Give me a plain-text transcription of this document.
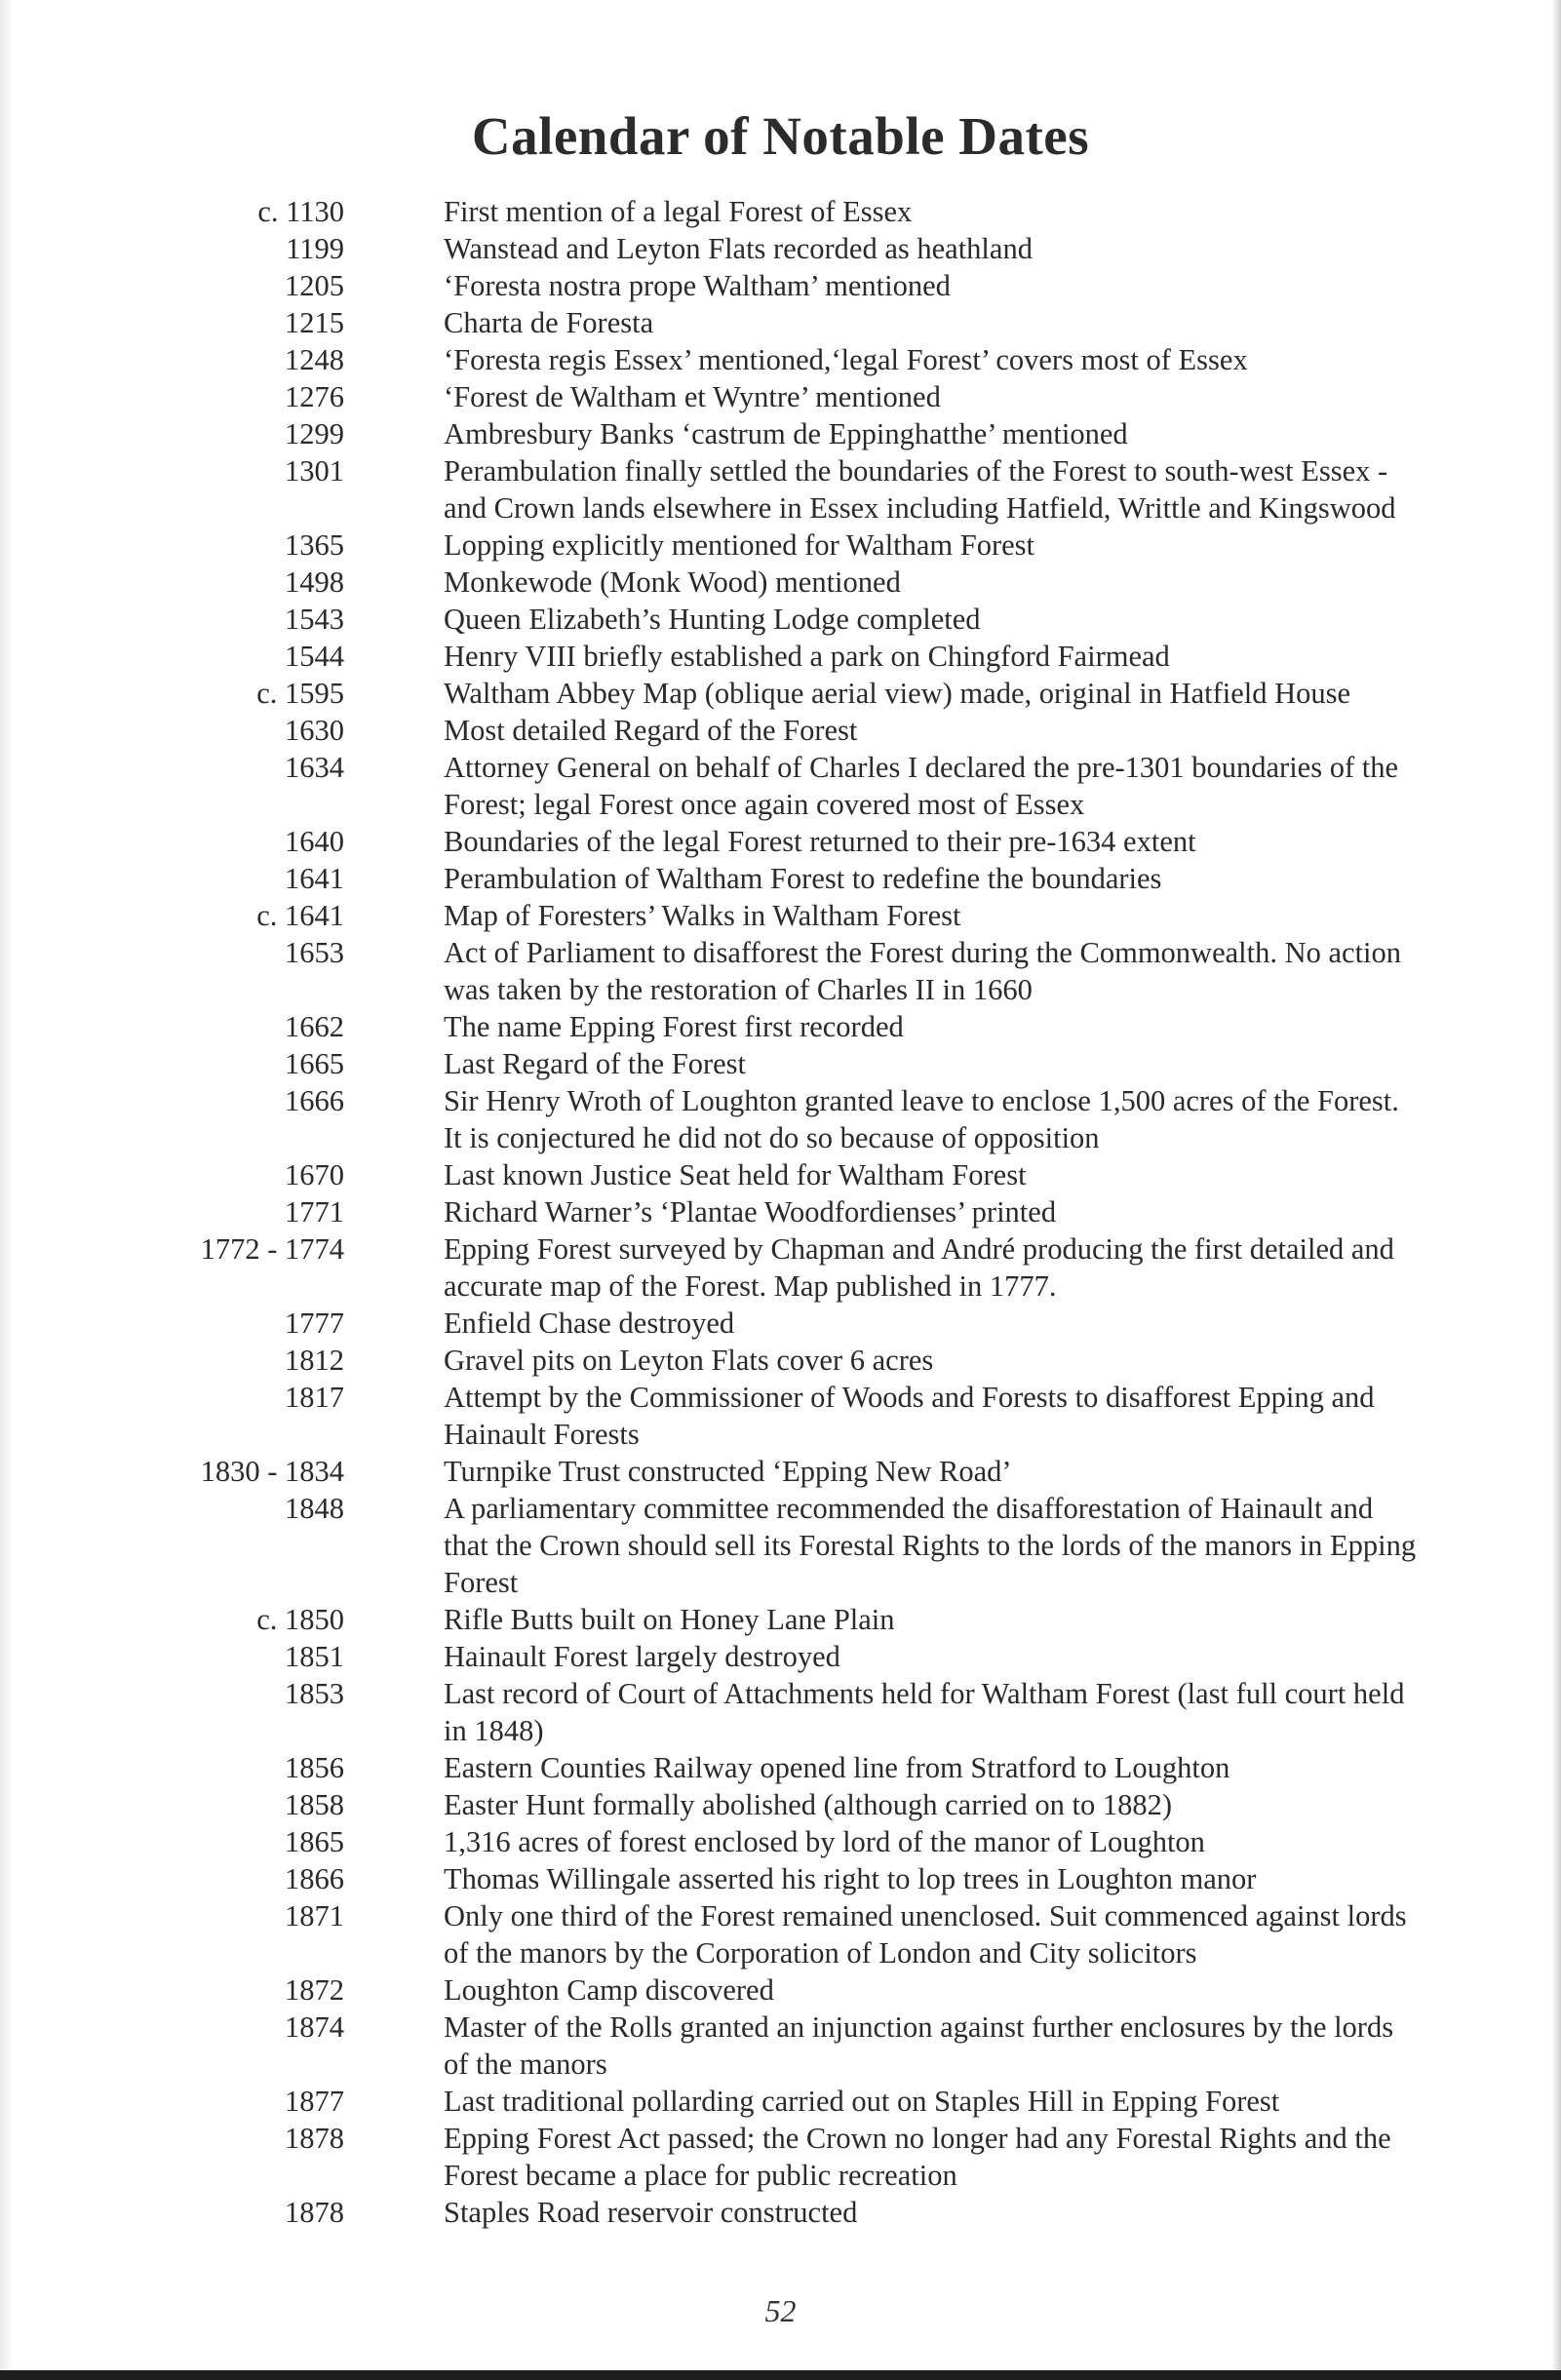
Calendar of Notable Dates
c. 1130	First mention of a legal Forest of Essex
1199	Wanstead and Leyton Flats recorded as heathland
1205	‘Foresta nostra prope Waltham’ mentioned
1215	Charta de Foresta
1248	‘Foresta regis Essex’ mentioned,‘legal Forest’ covers most of Essex
1276	‘Forest de Waltham et Wyntre’ mentioned
1299	Ambresbury Banks ‘castrum de Eppinghatthe’ mentioned
1301	Perambulation finally settled the boundaries of the Forest to south-west Essex -
and Crown lands elsewhere in Essex including Hatfield, Writtle and Kingswood
1365	Lopping explicitly mentioned for Waltham Forest
1498	Monkewode (Monk Wood) mentioned
1543	Queen Elizabeth’s Hunting Lodge completed
1544	Henry VIII briefly established a park on Chingford Fairmead
c. 1595	Waltham Abbey Map (oblique aerial view) made, original in Hatfield House
1630	Most detailed Regard of the Forest
1634	Attorney General on behalf of Charles I declared the pre-1301 boundaries of the
Forest; legal Forest once again covered most of Essex
1640	Boundaries of the legal Forest returned to their pre-1634 extent
1641	Perambulation of Waltham Forest to redefine the boundaries
c. 1641	Map of Foresters’ Walks in Waltham Forest
1653	Act of Parliament to disafforest the Forest during the Commonwealth. No action
was taken by the restoration of Charles II in 1660
1662	The name Epping Forest first recorded
1665	Last Regard of the Forest
1666	Sir Henry Wroth of Loughton granted leave to enclose 1,500 acres of the Forest.
It is conjectured he did not do so because of opposition
1670	Last known Justice Seat held for Waltham Forest
1771	Richard Warner’s ‘Plantae Woodfordienses’ printed
1772 - 1774	Epping Forest surveyed by Chapman and André producing the first detailed and
accurate map of the Forest. Map published in 1777.
1777	Enfield Chase destroyed
1812	Gravel pits on Leyton Flats cover 6 acres
1817	Attempt by the Commissioner of Woods and Forests to disafforest Epping and
Hainault Forests
1830 - 1834	Turnpike Trust constructed ‘Epping New Road’
1848	A parliamentary committee recommended the disafforestation of Hainault and
that the Crown should sell its Forestal Rights to the lords of the manors in Epping
Forest
c. 1850	Rifle Butts built on Honey Lane Plain
1851	Hainault Forest largely destroyed
1853	Last record of Court of Attachments held for Waltham Forest (last full court held
in 1848)
1856	Eastern Counties Railway opened line from Stratford to Loughton
1858	Easter Hunt formally abolished (although carried on to 1882)
1865	1,316 acres of forest enclosed by lord of the manor of Loughton
1866	Thomas Willingale asserted his right to lop trees in Loughton manor
1871	Only one third of the Forest remained unenclosed. Suit commenced against lords
of the manors by the Corporation of London and City solicitors
1872	Loughton Camp discovered
1874	Master of the Rolls granted an injunction against further enclosures by the lords
of the manors
1877	Last traditional pollarding carried out on Staples Hill in Epping Forest
1878	Epping Forest Act passed; the Crown no longer had any Forestal Rights and the
Forest became a place for public recreation
1878	Staples Road reservoir constructed
52
